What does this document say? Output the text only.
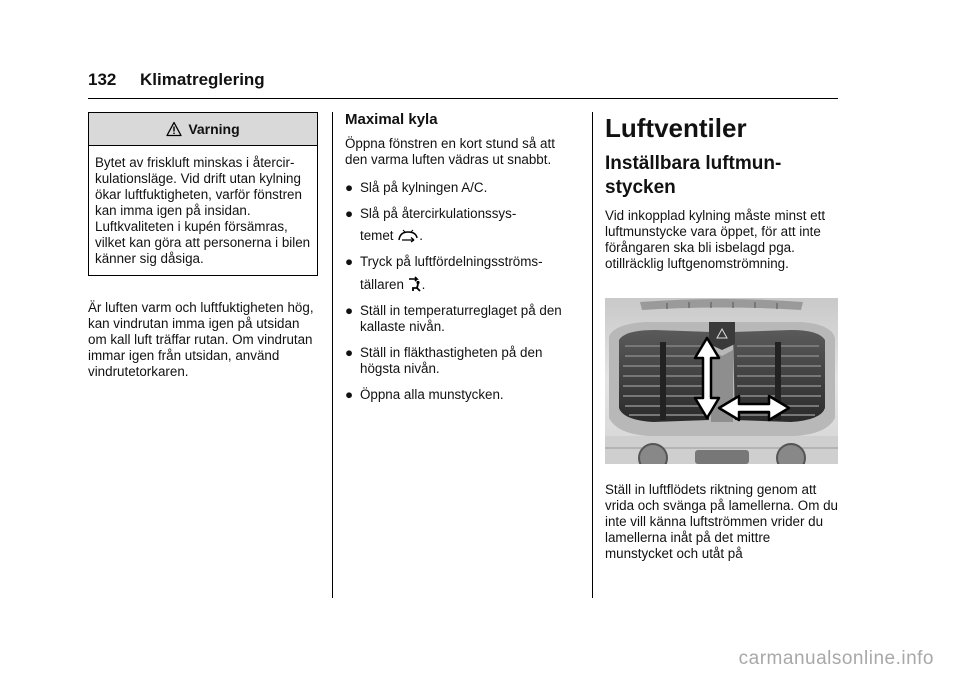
132 Klimatreglering
Varning
Bytet av friskluft minskas i återcir-kulationsläge. Vid drift utan kylning ökar luftfuktigheten, varför fönstren kan imma igen på insidan. Luftkvaliteten i kupén försämras, vilket kan göra att personerna i bilen känner sig dåsiga.

Är luften varm och luftfuktigheten hög, kan vindrutan imma igen på utsidan om kall luft träffar rutan. Om vindrutan immar igen från utsidan, använd vindrutetorkaren.

Maximal kyla

Öppna fönstren en kort stund så att den varma luften vädras ut snabbt.

● Slå på kylningen A/C.
● Slå på återcirkulationssys-
temet .
● Tryck på luftfördelningsströms-
tällaren .
● Ställ in temperaturreglaget på den kallaste nivån.
● Ställ in fläkthastigheten på den högsta nivån.
● Öppna alla munstycken.
Luftventiler
Inställbara luftmun-stycken

Vid inkopplad kylning måste minst ett luftmunstycke vara öppet, för att inte förångaren ska bli isbelagd pga. otillräcklig luftgenomströmning.

Ställ in luftflödets riktning genom att vrida och svänga på lamellerna. Om du inte vill känna luftströmmen vrider du lamellerna inåt på det mittre munstycket och utåt på

carmanualsonline.info
